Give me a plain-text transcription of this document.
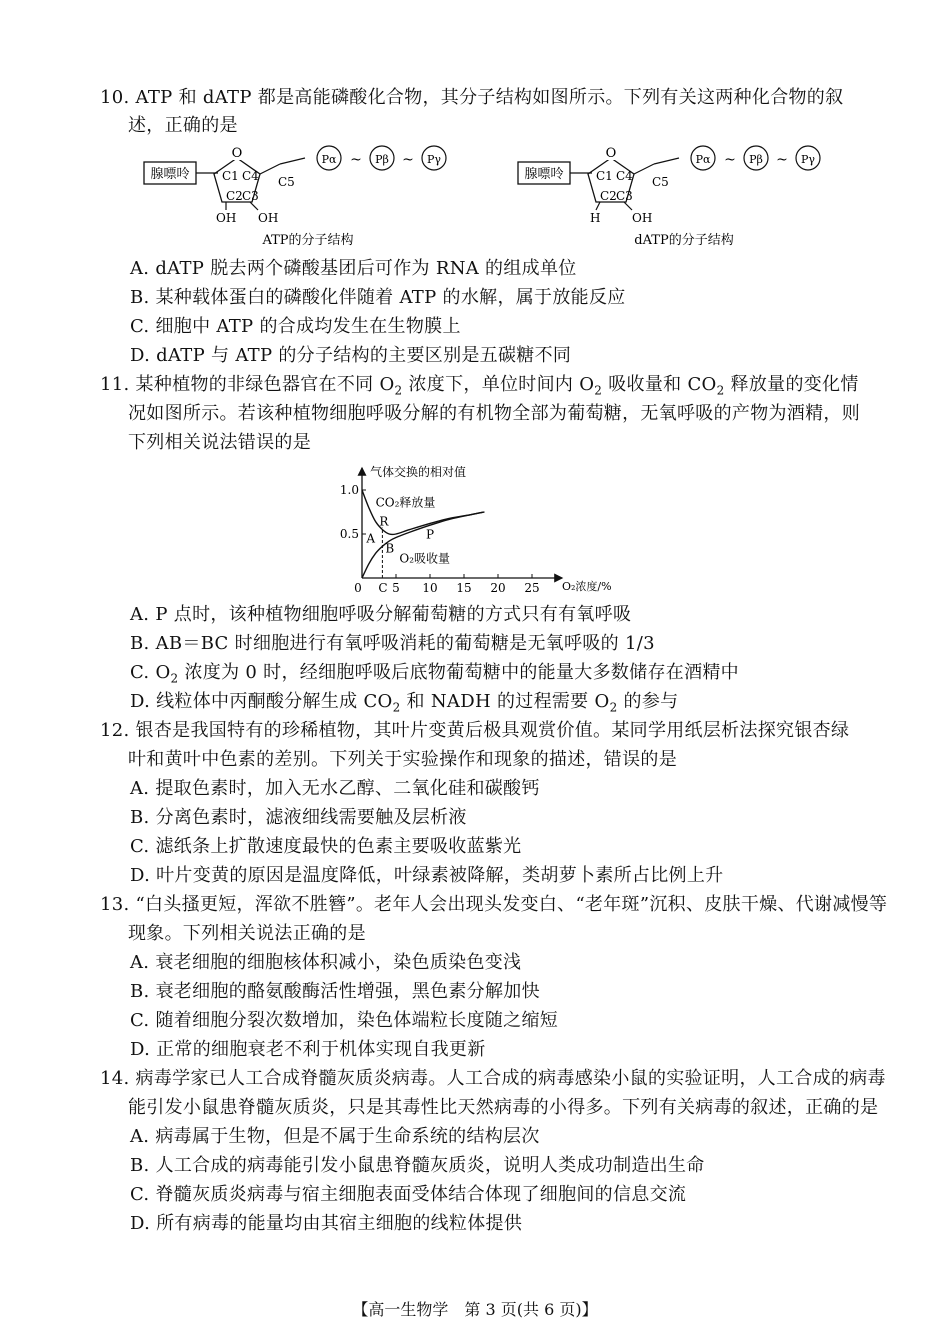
10. ATP 和 dATP 都是高能磷酸化合物，其分子结构如图所示。下列有关这两种化合物的叙
述，正确的是
腺嘌呤
O
C1 C4
C2 C3
C5
OH OH
Pα ~ Pβ ~ Pγ
ATP的分子结构
腺嘌呤
O
C1 C4
C2 C3
C5
H	OH
Pα ~ Pβ ~ Pγ
dATP的分子结构
A. dATP 脱去两个磷酸基团后可作为 RNA 的组成单位
B. 某种载体蛋白的磷酸化伴随着 ATP 的水解，属于放能反应
C. 细胞中 ATP 的合成均发生在生物膜上
D. dATP 与 ATP 的分子结构的主要区别是五碳糖不同
11. 某种植物的非绿色器官在不同 $O_2$ 浓度下，单位时间内 $O_2$ 吸收量和 $CO_2$ 释放量的变化情
况如图所示。若该种植物细胞呼吸分解的有机物全部为葡萄糖，无氧呼吸的产物为酒精，则
下列相关说法错误的是
气体交换的相对值
O₂浓度/%
0	5 10 15 20 25
0.5
1.0
CO₂释放量
O₂吸收量
A
R
B
P
C
A. P 点时，该种植物细胞呼吸分解葡萄糖的方式只有有氧呼吸
B. AB＝BC 时细胞进行有氧呼吸消耗的葡萄糖是无氧呼吸的 1/3
C. $O_2$ 浓度为 0 时，经细胞呼吸后底物葡萄糖中的能量大多数储存在酒精中
D. 线粒体中丙酮酸分解生成 $CO_2$ 和 NADH 的过程需要 $O_2$ 的参与
12. 银杏是我国特有的珍稀植物，其叶片变黄后极具观赏价值。某同学用纸层析法探究银杏绿
叶和黄叶中色素的差别。下列关于实验操作和现象的描述，错误的是
A. 提取色素时，加入无水乙醇、二氧化硅和碳酸钙
B. 分离色素时，滤液细线需要触及层析液
C. 滤纸条上扩散速度最快的色素主要吸收蓝紫光
D. 叶片变黄的原因是温度降低，叶绿素被降解，类胡萝卜素所占比例上升
13. “白头搔更短，浑欲不胜簪”。老年人会出现头发变白、“老年斑”沉积、皮肤干燥、代谢减慢等
现象。下列相关说法正确的是
A. 衰老细胞的细胞核体积减小，染色质染色变浅
B. 衰老细胞的酪氨酸酶活性增强，黑色素分解加快
C. 随着细胞分裂次数增加，染色体端粒长度随之缩短
D. 正常的细胞衰老不利于机体实现自我更新
14. 病毒学家已人工合成脊髓灰质炎病毒。人工合成的病毒感染小鼠的实验证明，人工合成的病毒
能引发小鼠患脊髓灰质炎，只是其毒性比天然病毒的小得多。下列有关病毒的叙述，正确的是
A. 病毒属于生物，但是不属于生命系统的结构层次
B. 人工合成的病毒能引发小鼠患脊髓灰质炎，说明人类成功制造出生命
C. 脊髓灰质炎病毒与宿主细胞表面受体结合体现了细胞间的信息交流
D. 所有病毒的能量均由其宿主细胞的线粒体提供
【高一生物学　第 3 页(共 6 页)】
